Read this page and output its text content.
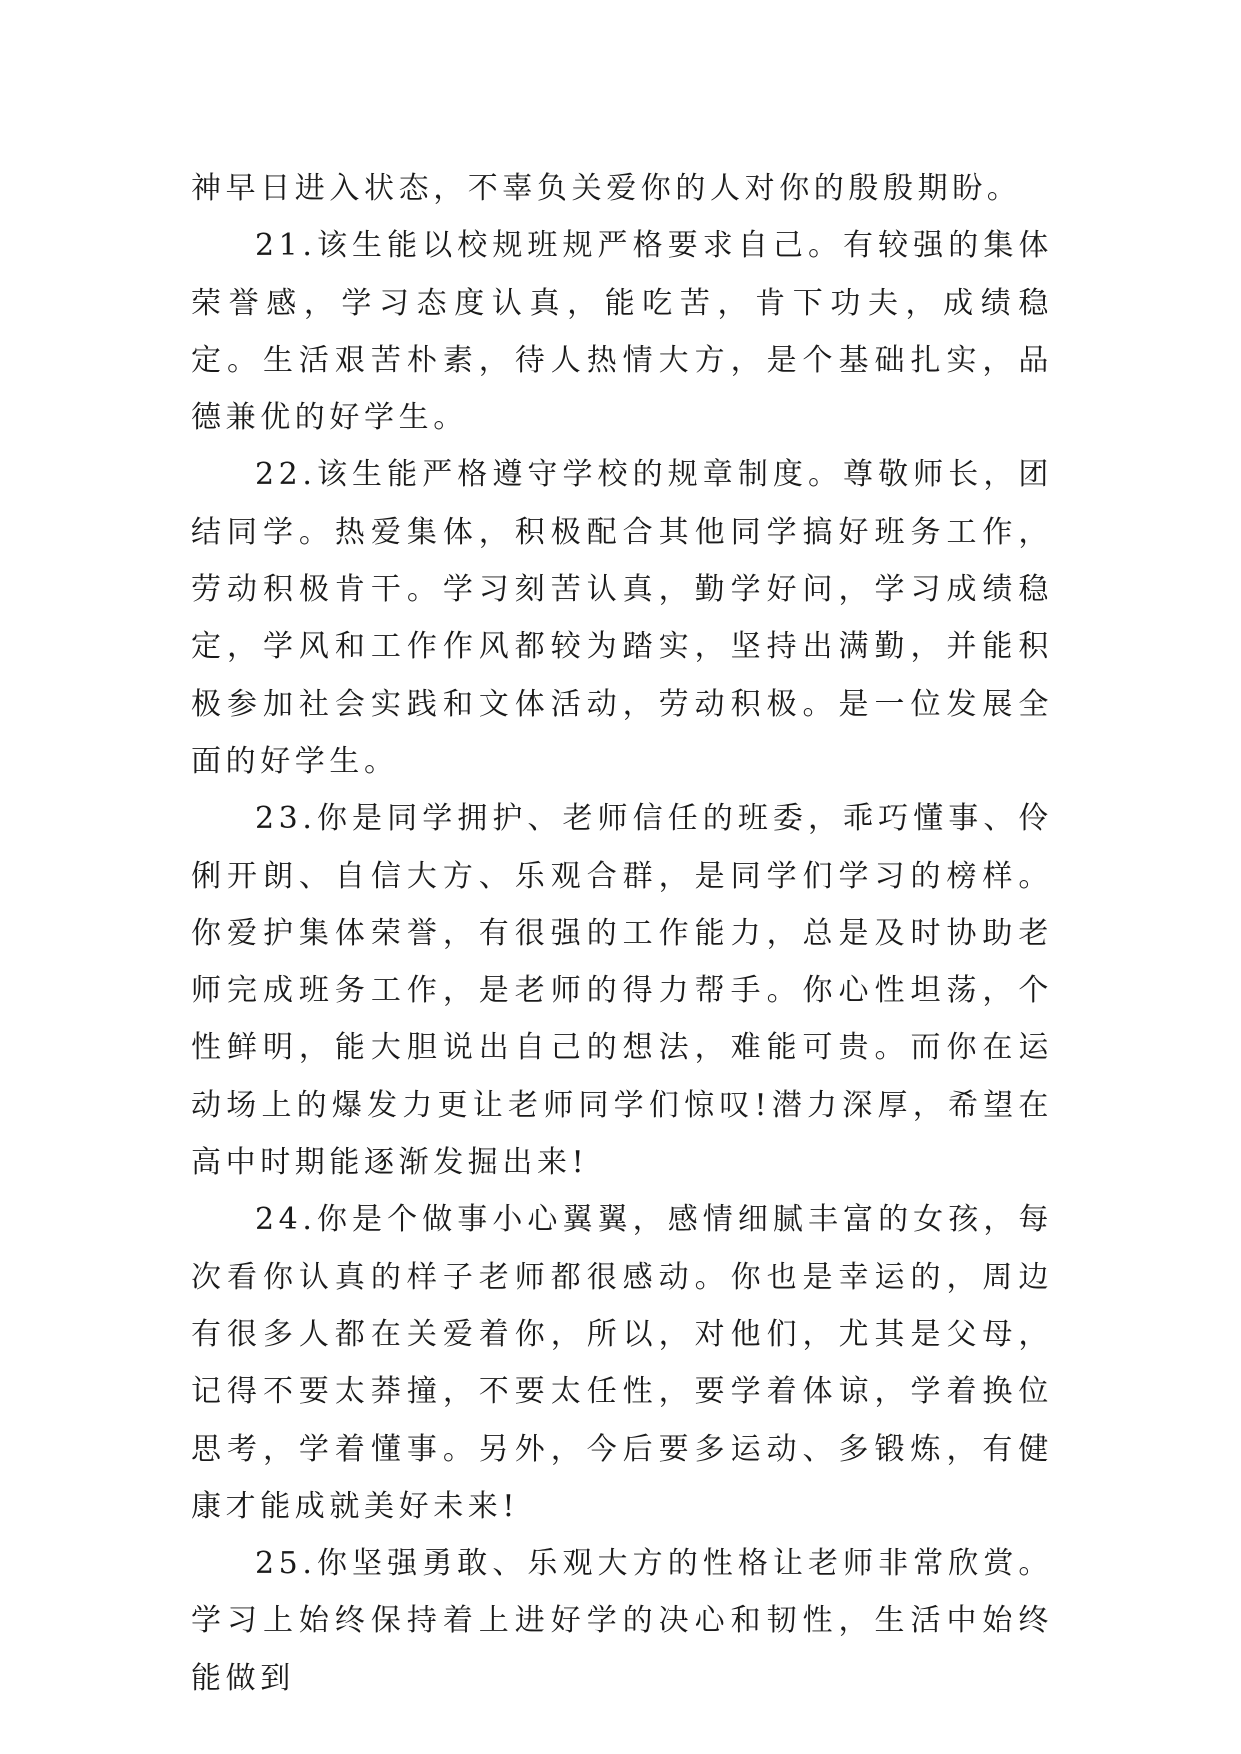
神早日进入状态，不辜负关爱你的人对你的殷殷期盼。

21.该生能以校规班规严格要求自己。有较强的集体荣誉感，学习态度认真，能吃苦，肯下功夫，成绩稳定。生活艰苦朴素，待人热情大方，是个基础扎实，品德兼优的好学生。

22.该生能严格遵守学校的规章制度。尊敬师长，团结同学。热爱集体，积极配合其他同学搞好班务工作，劳动积极肯干。学习刻苦认真，勤学好问，学习成绩稳定，学风和工作作风都较为踏实，坚持出满勤，并能积极参加社会实践和文体活动，劳动积极。是一位发展全面的好学生。

23.你是同学拥护、老师信任的班委，乖巧懂事、伶俐开朗、自信大方、乐观合群，是同学们学习的榜样。你爱护集体荣誉，有很强的工作能力，总是及时协助老师完成班务工作，是老师的得力帮手。你心性坦荡，个性鲜明，能大胆说出自己的想法，难能可贵。而你在运动场上的爆发力更让老师同学们惊叹!潜力深厚，希望在高中时期能逐渐发掘出来!

24.你是个做事小心翼翼，感情细腻丰富的女孩，每次看你认真的样子老师都很感动。你也是幸运的，周边有很多人都在关爱着你，所以，对他们，尤其是父母，记得不要太莽撞，不要太任性，要学着体谅，学着换位思考，学着懂事。另外，今后要多运动、多锻炼，有健康才能成就美好未来!

25.你坚强勇敢、乐观大方的性格让老师非常欣赏。学习上始终保持着上进好学的决心和韧性，生活中始终能做到
